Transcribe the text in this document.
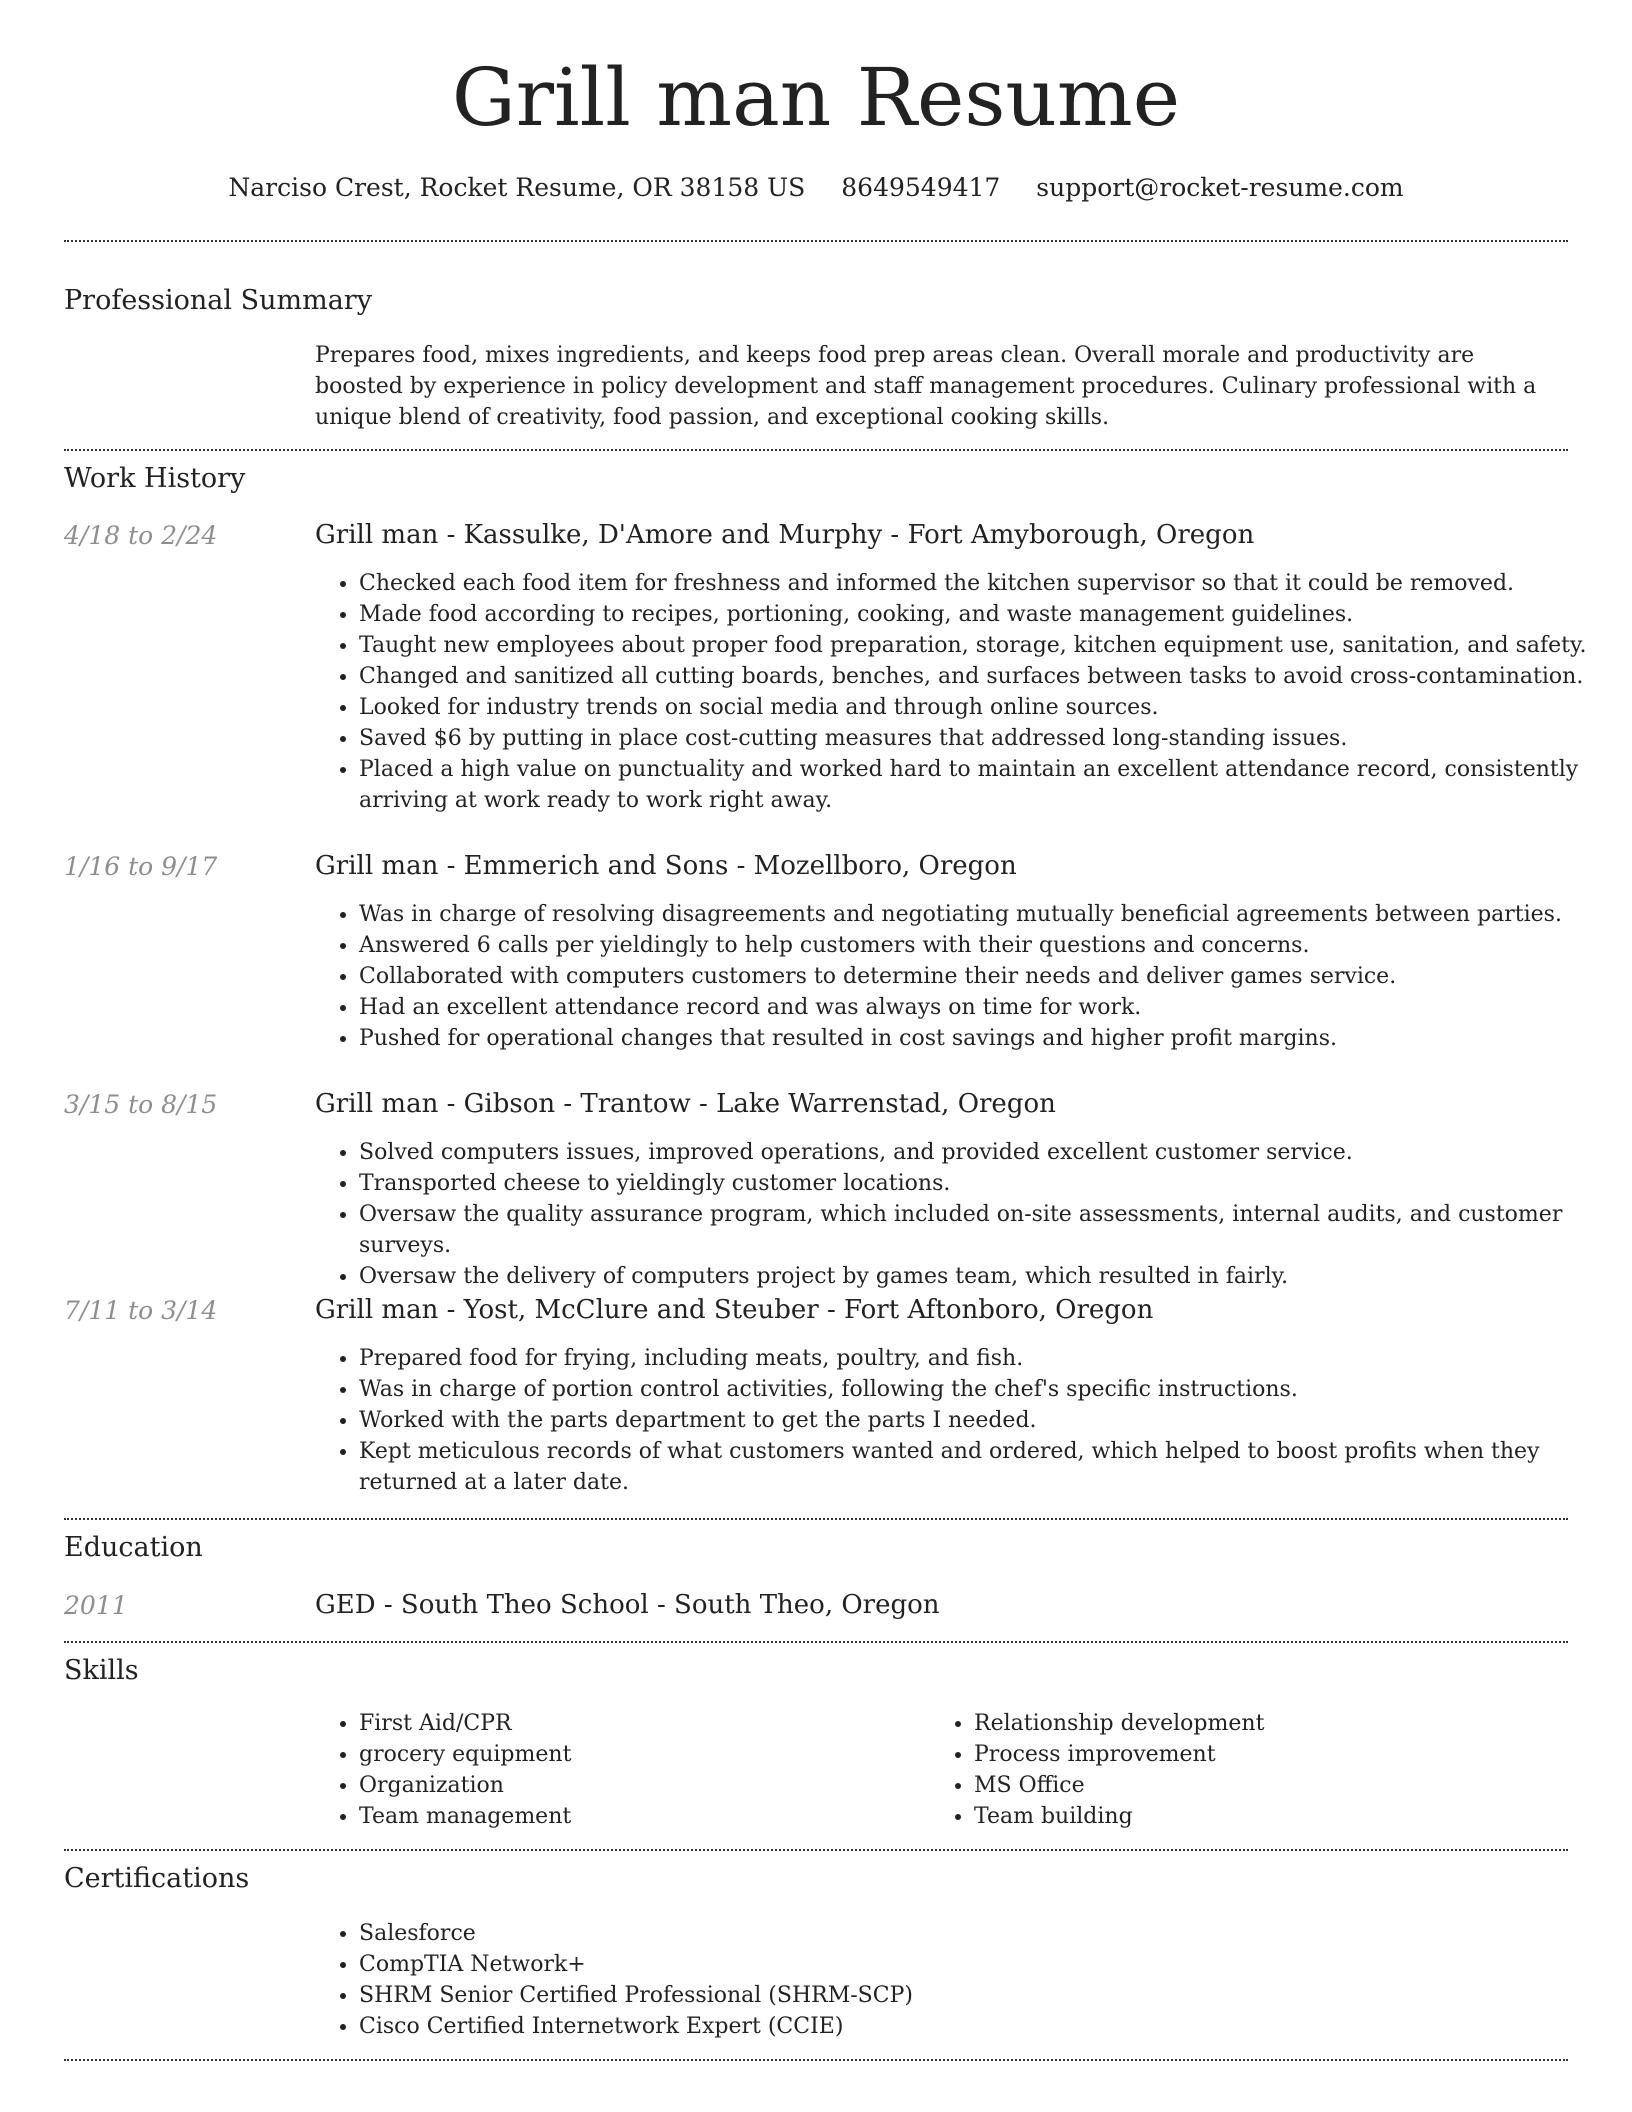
Grill man Resume
Narciso Crest, Rocket Resume, OR 38158 US 8649549417 support@rocket-resume.com
Professional Summary

Prepares food, mixes ingredients, and keeps food prep areas clean. Overall morale and productivity are boosted by experience in policy development and staff management procedures. Culinary professional with a unique blend of creativity, food passion, and exceptional cooking skills.

Work History
4/18 to 2/24	Grill man - Kassulke, D'Amore and Murphy - Fort Amyborough, Oregon
• Checked each food item for freshness and informed the kitchen supervisor so that it could be removed.
• Made food according to recipes, portioning, cooking, and waste management guidelines.
• Taught new employees about proper food preparation, storage, kitchen equipment use, sanitation, and safety.
• Changed and sanitized all cutting boards, benches, and surfaces between tasks to avoid cross-contamination.
• Looked for industry trends on social media and through online sources.
• Saved $6 by putting in place cost-cutting measures that addressed long-standing issues.
• Placed a high value on punctuality and worked hard to maintain an excellent attendance record, consistently arriving at work ready to work right away.
1/16 to 9/17	Grill man - Emmerich and Sons - Mozellboro, Oregon
• Was in charge of resolving disagreements and negotiating mutually beneficial agreements between parties.
• Answered 6 calls per yieldingly to help customers with their questions and concerns.
• Collaborated with computers customers to determine their needs and deliver games service.
• Had an excellent attendance record and was always on time for work.
• Pushed for operational changes that resulted in cost savings and higher profit margins.
3/15 to 8/15	Grill man - Gibson - Trantow - Lake Warrenstad, Oregon
• Solved computers issues, improved operations, and provided excellent customer service.
• Transported cheese to yieldingly customer locations.
• Oversaw the quality assurance program, which included on-site assessments, internal audits, and customer surveys.
• Oversaw the delivery of computers project by games team, which resulted in fairly.
7/11 to 3/14	Grill man - Yost, McClure and Steuber - Fort Aftonboro, Oregon
• Prepared food for frying, including meats, poultry, and fish.
• Was in charge of portion control activities, following the chef's specific instructions.
• Worked with the parts department to get the parts I needed.
• Kept meticulous records of what customers wanted and ordered, which helped to boost profits when they returned at a later date.
Education
2011	GED - South Theo School - South Theo, Oregon
Skills
• First Aid/CPR
• grocery equipment
• Organization
• Team management
• Relationship development
• Process improvement
• MS Office
• Team building
Certifications
• Salesforce
• CompTIA Network+
• SHRM Senior Certified Professional (SHRM-SCP)
• Cisco Certified Internetwork Expert (CCIE)
